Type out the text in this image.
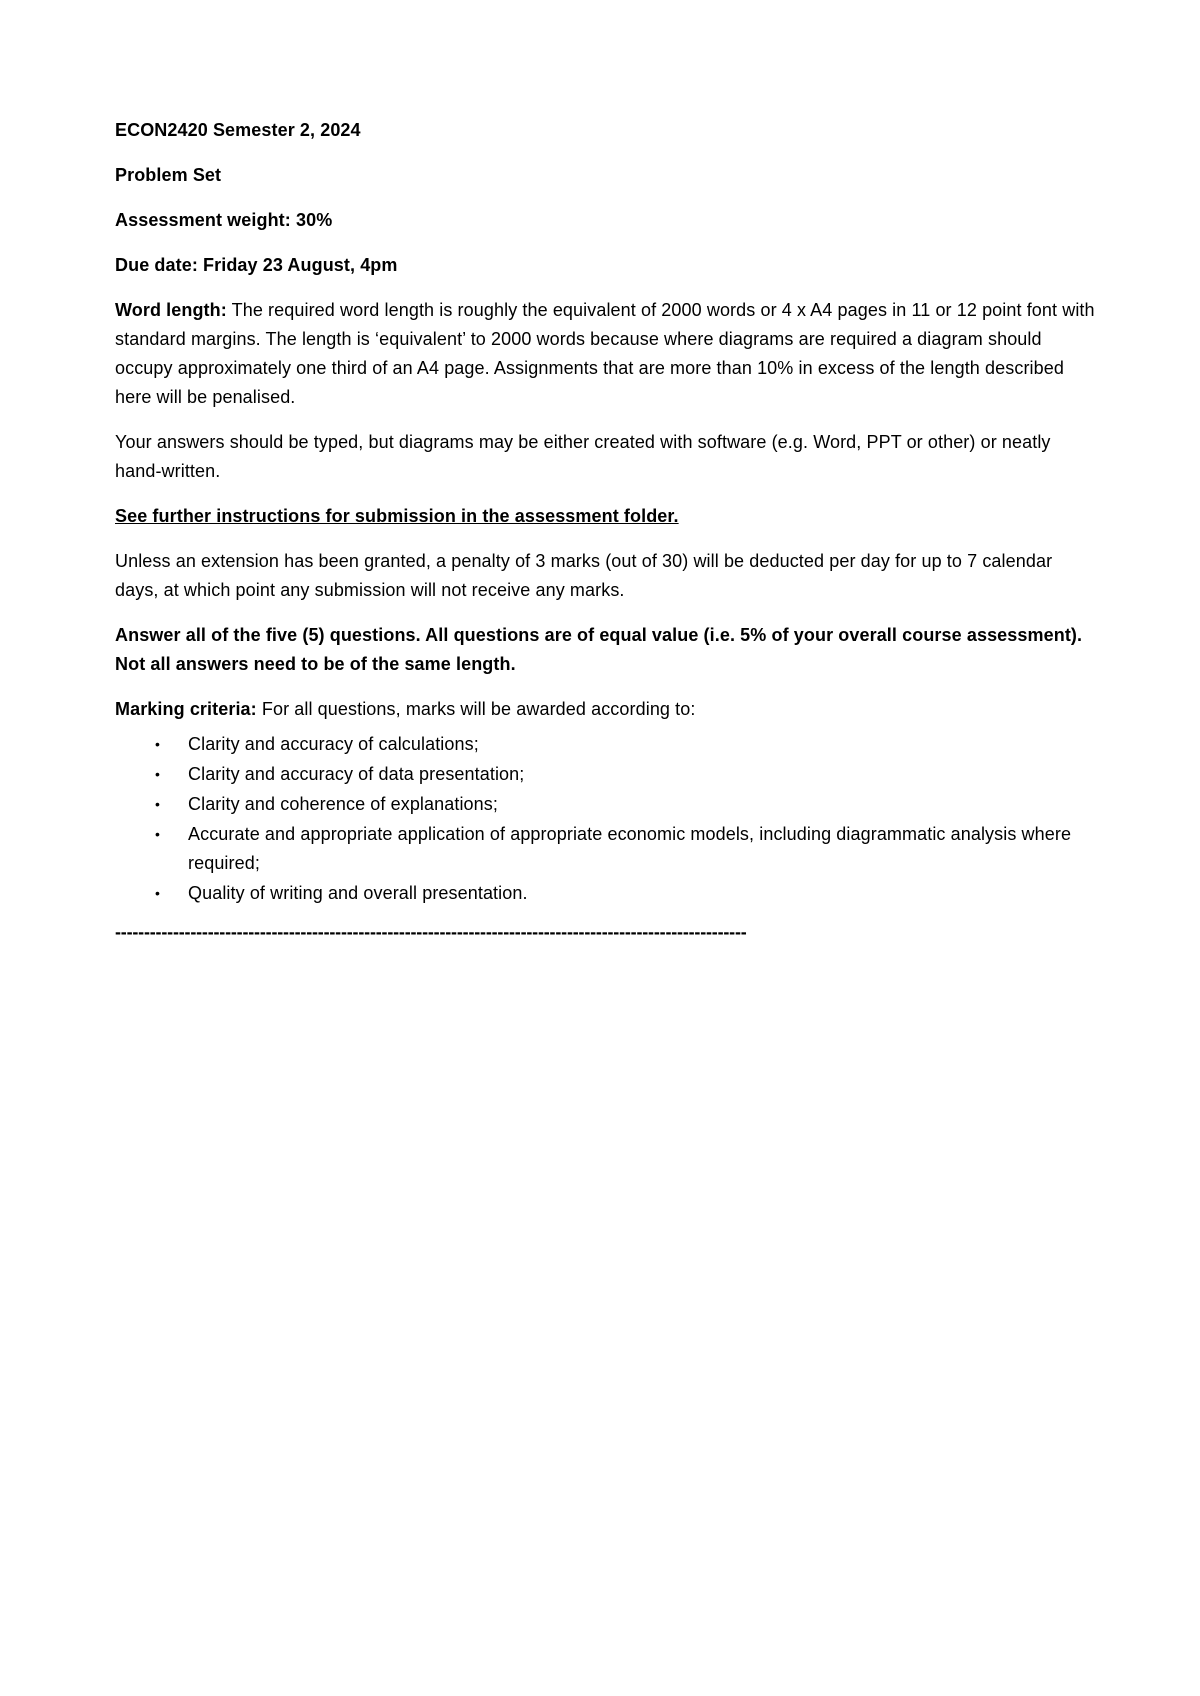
ECON2420 Semester 2, 2024

Problem Set

Assessment weight: 30%

Due date: Friday 23 August, 4pm

Word length: The required word length is roughly the equivalent of 2000 words or 4 x A4 pages in 11 or 12 point font with standard margins. The length is ‘equivalent’ to 2000 words because where diagrams are required a diagram should occupy approximately one third of an A4 page. Assignments that are more than 10% in excess of the length described here will be penalised.

Your answers should be typed, but diagrams may be either created with software (e.g. Word, PPT or other) or neatly hand-written.

See further instructions for submission in the assessment folder.

Unless an extension has been granted, a penalty of 3 marks (out of 30) will be deducted per day for up to 7 calendar days, at which point any submission will not receive any marks.

Answer all of the five (5) questions. All questions are of equal value (i.e. 5% of your overall course assessment). Not all answers need to be of the same length.

Marking criteria: For all questions, marks will be awarded according to:

• Clarity and accuracy of calculations;
• Clarity and accuracy of data presentation;
• Clarity and coherence of explanations;
• Accurate and appropriate application of appropriate economic models, including diagrammatic analysis where required;
• Quality of writing and overall presentation.
-------------------------------------------------------------------------------------------------------------
